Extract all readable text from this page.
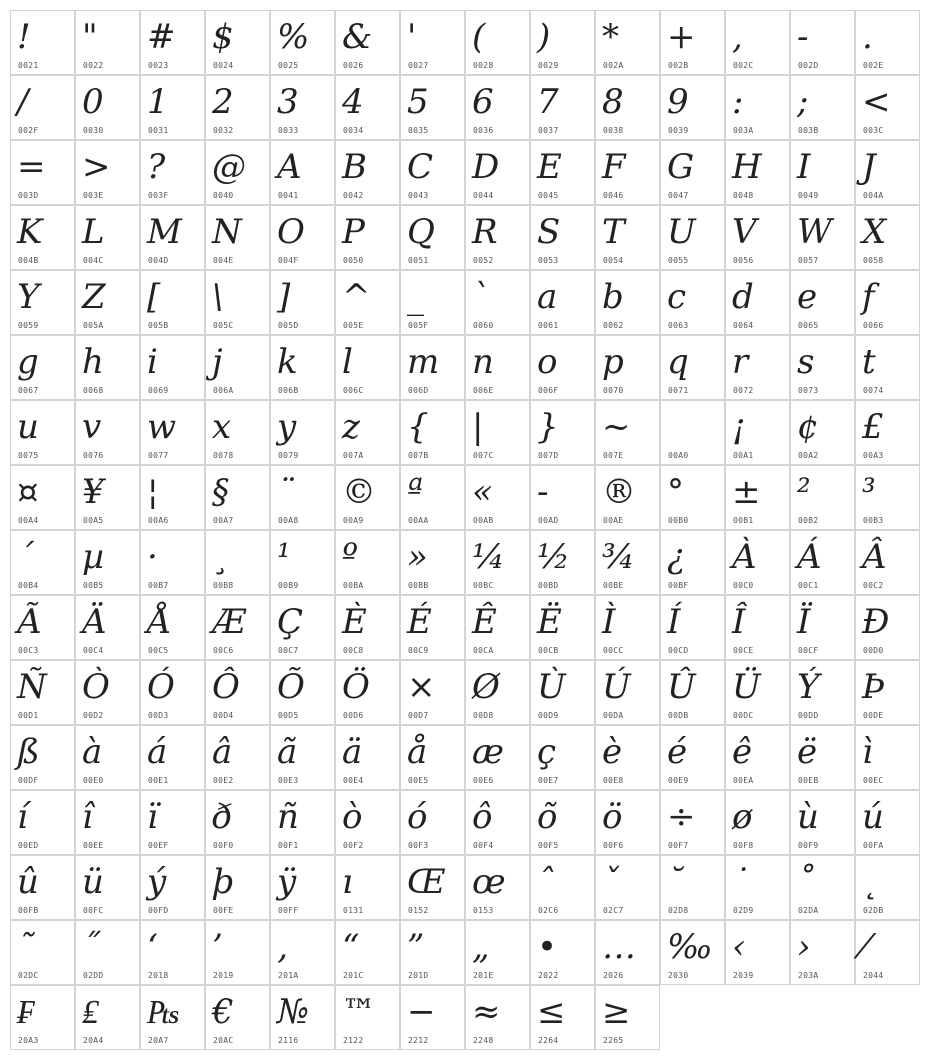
!
0021
"
0022
#
0023
$
0024
%
0025
&
0026
'
0027
(
0028
)
0029
*
002A
+
002B
,
002C
-
002D
.
002E
/
002F
0
0030
1
0031
2
0032
3
0033
4
0034
5
0035
6
0036
7
0037
8
0038
9
0039
:
003A
;
003B
<
003C
=
003D
>
003E
?
003F
@
0040
A
0041
B
0042
C
0043
D
0044
E
0045
F
0046
G
0047
H
0048
I
0049
J
004A
K
004B
L
004C
M
004D
N
004E
O
004F
P
0050
Q
0051
R
0052
S
0053
T
0054
U
0055
V
0056
W
0057
X
0058
Y
0059
Z
005A
[
005B
\
005C
]
005D
^
005E
_
005F
`
0060
a
0061
b
0062
c
0063
d
0064
e
0065
f
0066
g
0067
h
0068
i
0069
j
006A
k
006B
l
006C
m
006D
n
006E
o
006F
p
0070
q
0071
r
0072
s
0073
t
0074
u
0075
v
0076
w
0077
x
0078
y
0079
z
007A
{
007B
|
007C
}
007D
~
007E	00A0
¡
00A1
¢
00A2
£
00A3
¤
00A4
¥
00A5
¦
00A6
§
00A7
¨
00A8
©
00A9
ª
00AA
«
00AB
-
00AD
®
00AE
°
00B0
±
00B1
²
00B2
³
00B3
´
00B4
µ
00B5
·
00B7
¸
00B8
¹
00B9
º
00BA
»
00BB
¼
00BC
½
00BD
¾
00BE
¿
00BF
À
00C0
Á
00C1
Â
00C2
Ã
00C3
Ä
00C4
Å
00C5
Æ
00C6
Ç
00C7
È
00C8
É
00C9
Ê
00CA
Ë
00CB
Ì
00CC
Í
00CD
Î
00CE
Ï
00CF
Ð
00D0
Ñ
00D1
Ò
00D2
Ó
00D3
Ô
00D4
Õ
00D5
Ö
00D6
×
00D7
Ø
00D8
Ù
00D9
Ú
00DA
Û
00DB
Ü
00DC
Ý
00DD
Þ
00DE
ß
00DF
à
00E0
á
00E1
â
00E2
ã
00E3
ä
00E4
å
00E5
æ
00E6
ç
00E7
è
00E8
é
00E9
ê
00EA
ë
00EB
ì
00EC
í
00ED
î
00EE
ï
00EF
ð
00F0
ñ
00F1
ò
00F2
ó
00F3
ô
00F4
õ
00F5
ö
00F6
÷
00F7
ø
00F8
ù
00F9
ú
00FA
û
00FB
ü
00FC
ý
00FD
þ
00FE
ÿ
00FF
ı
0131
Œ
0152
œ
0153
ˆ
02C6
ˇ
02C7
˘
02D8
˙
02D9
˚
02DA
˛
02DB
˜
02DC
˝
02DD
‘
2018
’
2019
‚
201A
“
201C
”
201D
„
201E
•
2022
…
2026
‰
2030
‹
2039
›
203A
⁄
2044
₣
20A3
₤
20A4
₧
20A7
€
20AC
№
2116
™
2122
−
2212
≈
2248
≤
2264
≥
2265
